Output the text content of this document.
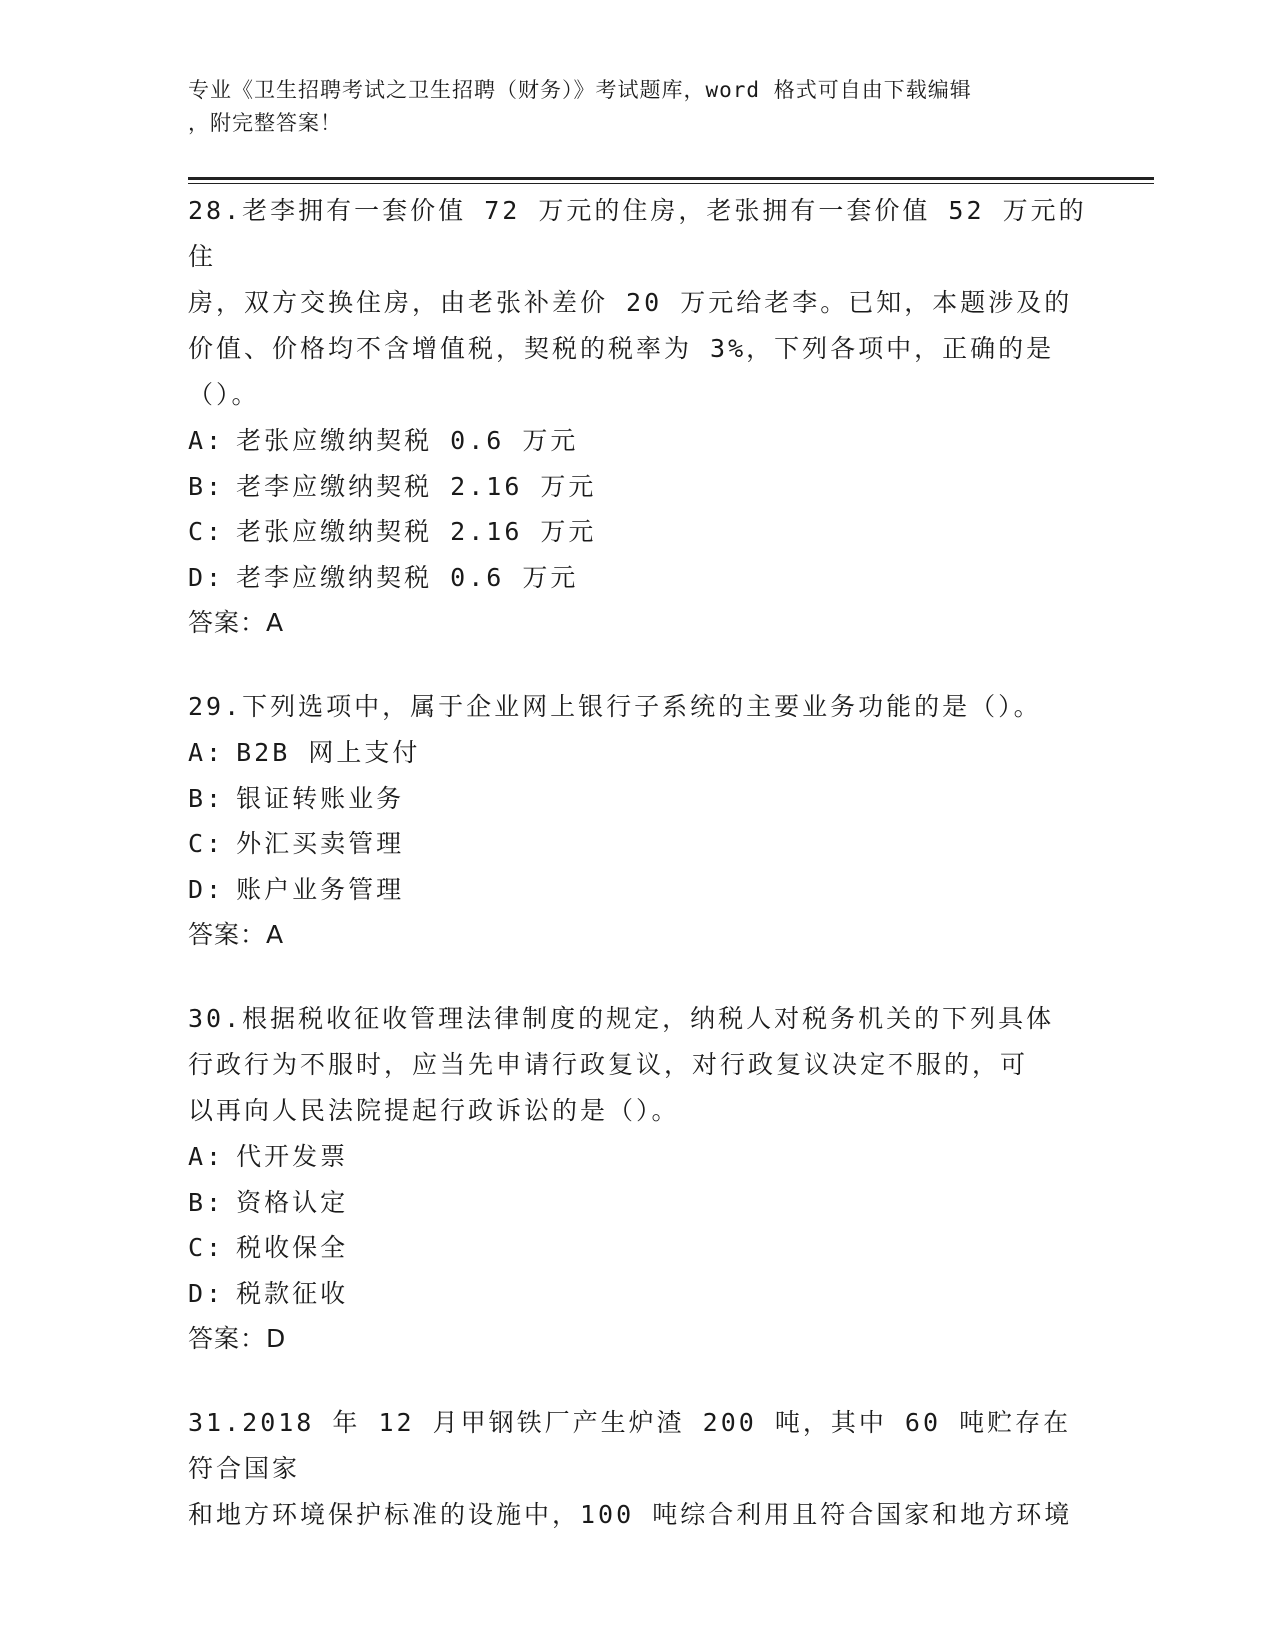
专业《卫生招聘考试之卫生招聘（财务）》考试题库，word 格式可自由下载编辑
，附完整答案！
28.老李拥有一套价值 72 万元的住房，老张拥有一套价值 52 万元的住
房，双方交换住房，由老张补差价 20 万元给老李。已知，本题涉及的
价值、价格均不含增值税，契税的税率为 3%，下列各项中，正确的是
（）。
A: 老张应缴纳契税 0.6 万元
B: 老李应缴纳契税 2.16 万元
C: 老张应缴纳契税 2.16 万元
D: 老李应缴纳契税 0.6 万元
答案：A
29.下列选项中，属于企业网上银行子系统的主要业务功能的是（）。
A: B2B 网上支付
B: 银证转账业务
C: 外汇买卖管理
D: 账户业务管理
答案：A
30.根据税收征收管理法律制度的规定，纳税人对税务机关的下列具体
行政行为不服时，应当先申请行政复议，对行政复议决定不服的，可
以再向人民法院提起行政诉讼的是（）。
A: 代开发票
B: 资格认定
C: 税收保全
D: 税款征收
答案：D
31.2018 年 12 月甲钢铁厂产生炉渣 200 吨，其中 60 吨贮存在符合国家
和地方环境保护标准的设施中，100 吨综合利用且符合国家和地方环境
